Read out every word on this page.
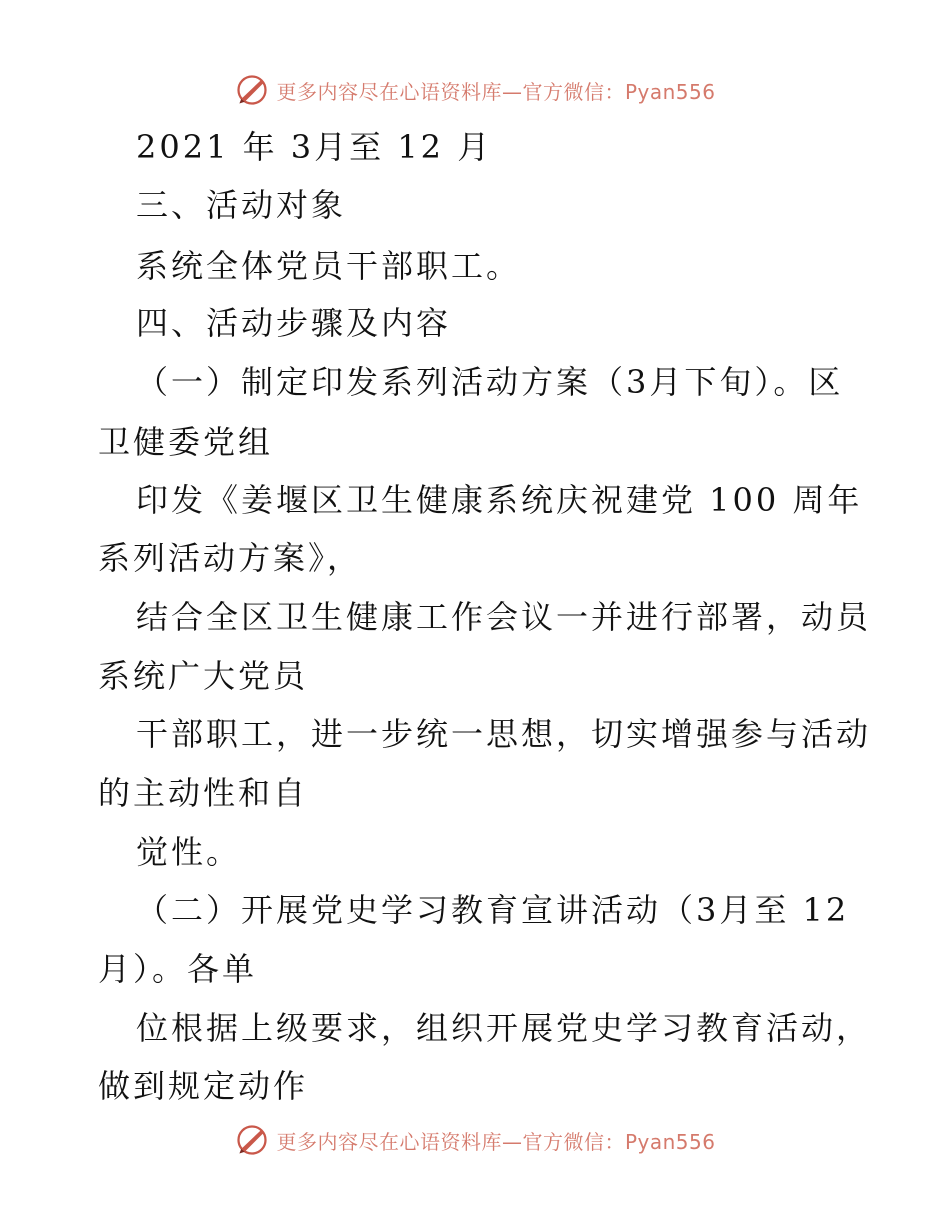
更多内容尽在心语资料库—官方微信：Pyan556
2021 年 3月至 12 月
三、活动对象
系统全体党员干部职工。
四、活动步骤及内容
（一）制定印发系列活动方案（3月下旬）。区
卫健委党组
印发《姜堰区卫生健康系统庆祝建党 100 周年
系列活动方案》，
结合全区卫生健康工作会议一并进行部署，动员
系统广大党员
干部职工，进一步统一思想，切实增强参与活动
的主动性和自
觉性。
（二）开展党史学习教育宣讲活动（3月至 12
月）。各单
位根据上级要求，组织开展党史学习教育活动，
做到规定动作
更多内容尽在心语资料库—官方微信：Pyan556
